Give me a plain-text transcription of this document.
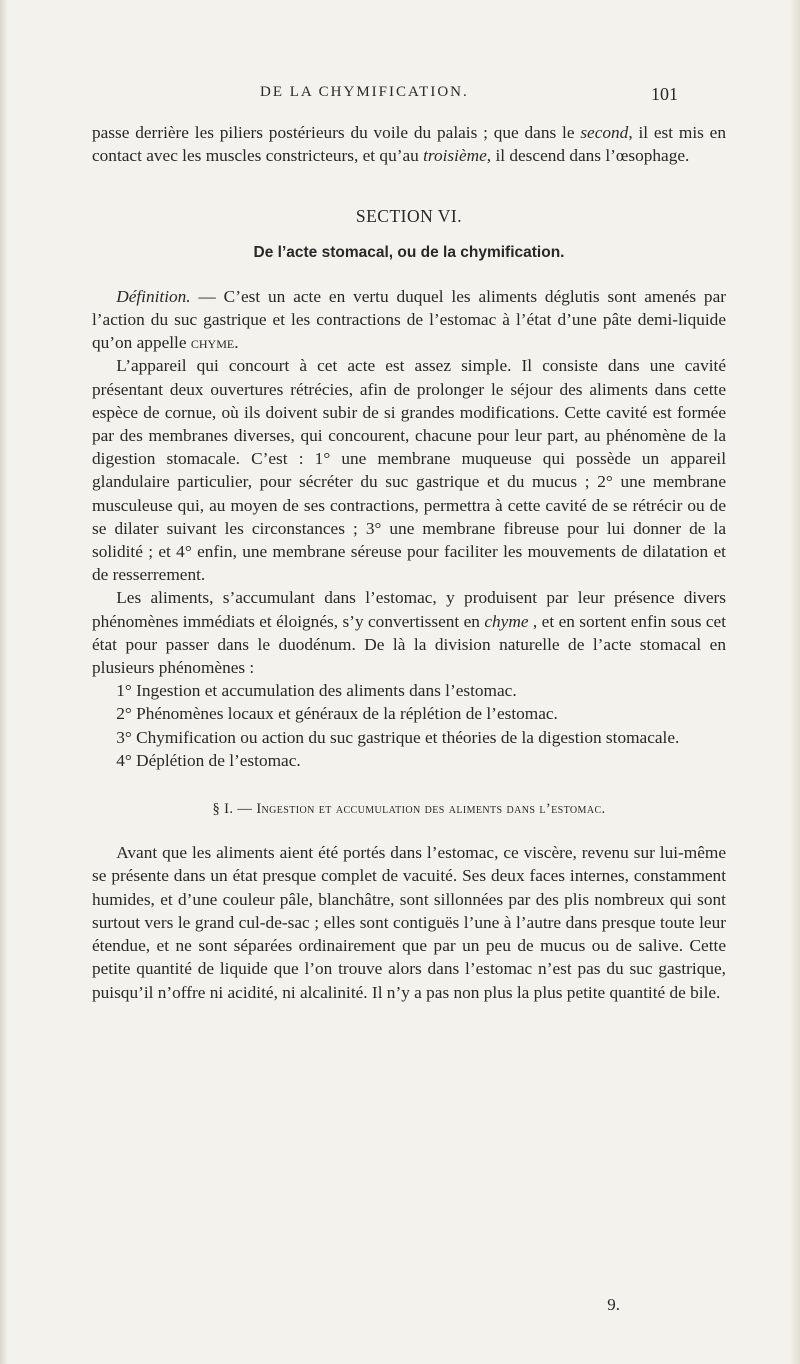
DE LA CHYMIFICATION.	101

passe derrière les piliers postérieurs du voile du palais ; que dans le second, il est mis en contact avec les muscles constricteurs, et qu’au troisième, il descend dans l’œsophage.

SECTION VI.
De l’acte stomacal, ou de la chymification.

Définition. — C’est un acte en vertu duquel les aliments déglutis sont amenés par l’action du suc gastrique et les contractions de l’estomac à l’état d’une pâte demi-liquide qu’on appelle chyme.

L’appareil qui concourt à cet acte est assez simple. Il consiste dans une cavité présentant deux ouvertures rétrécies, afin de prolonger le séjour des aliments dans cette espèce de cornue, où ils doivent subir de si grandes modifications. Cette cavité est formée par des membranes diverses, qui concourent, chacune pour leur part, au phénomène de la digestion stomacale. C’est : 1° une membrane muqueuse qui possède un appareil glandulaire particulier, pour sécréter du suc gastrique et du mucus ; 2° une membrane musculeuse qui, au moyen de ses contractions, permettra à cette cavité de se rétrécir ou de se dilater suivant les circonstances ; 3° une membrane fibreuse pour lui donner de la solidité ; et 4° enfin, une membrane séreuse pour faciliter les mouvements de dilatation et de resserrement.

Les aliments, s’accumulant dans l’estomac, y produisent par leur présence divers phénomènes immédiats et éloignés, s’y convertissent en chyme , et en sortent enfin sous cet état pour passer dans le duodénum. De là la division naturelle de l’acte stomacal en plusieurs phénomènes :

1° Ingestion et accumulation des aliments dans l’estomac.

2° Phénomènes locaux et généraux de la réplétion de l’estomac.

3° Chymification ou action du suc gastrique et théories de la digestion stomacale.

4° Déplétion de l’estomac.

§ I. — Ingestion et accumulation des aliments dans l’estomac.

Avant que les aliments aient été portés dans l’estomac, ce viscère, revenu sur lui-même se présente dans un état presque complet de vacuité. Ses deux faces internes, constamment humides, et d’une couleur pâle, blanchâtre, sont sillonnées par des plis nombreux qui sont surtout vers le grand cul-de-sac ; elles sont contiguës l’une à l’autre dans presque toute leur étendue, et ne sont séparées ordinairement que par un peu de mucus ou de salive. Cette petite quantité de liquide que l’on trouve alors dans l’estomac n’est pas du suc gastrique, puisqu’il n’offre ni acidité, ni alcalinité. Il n’y a pas non plus la plus petite quantité de bile.

9.
